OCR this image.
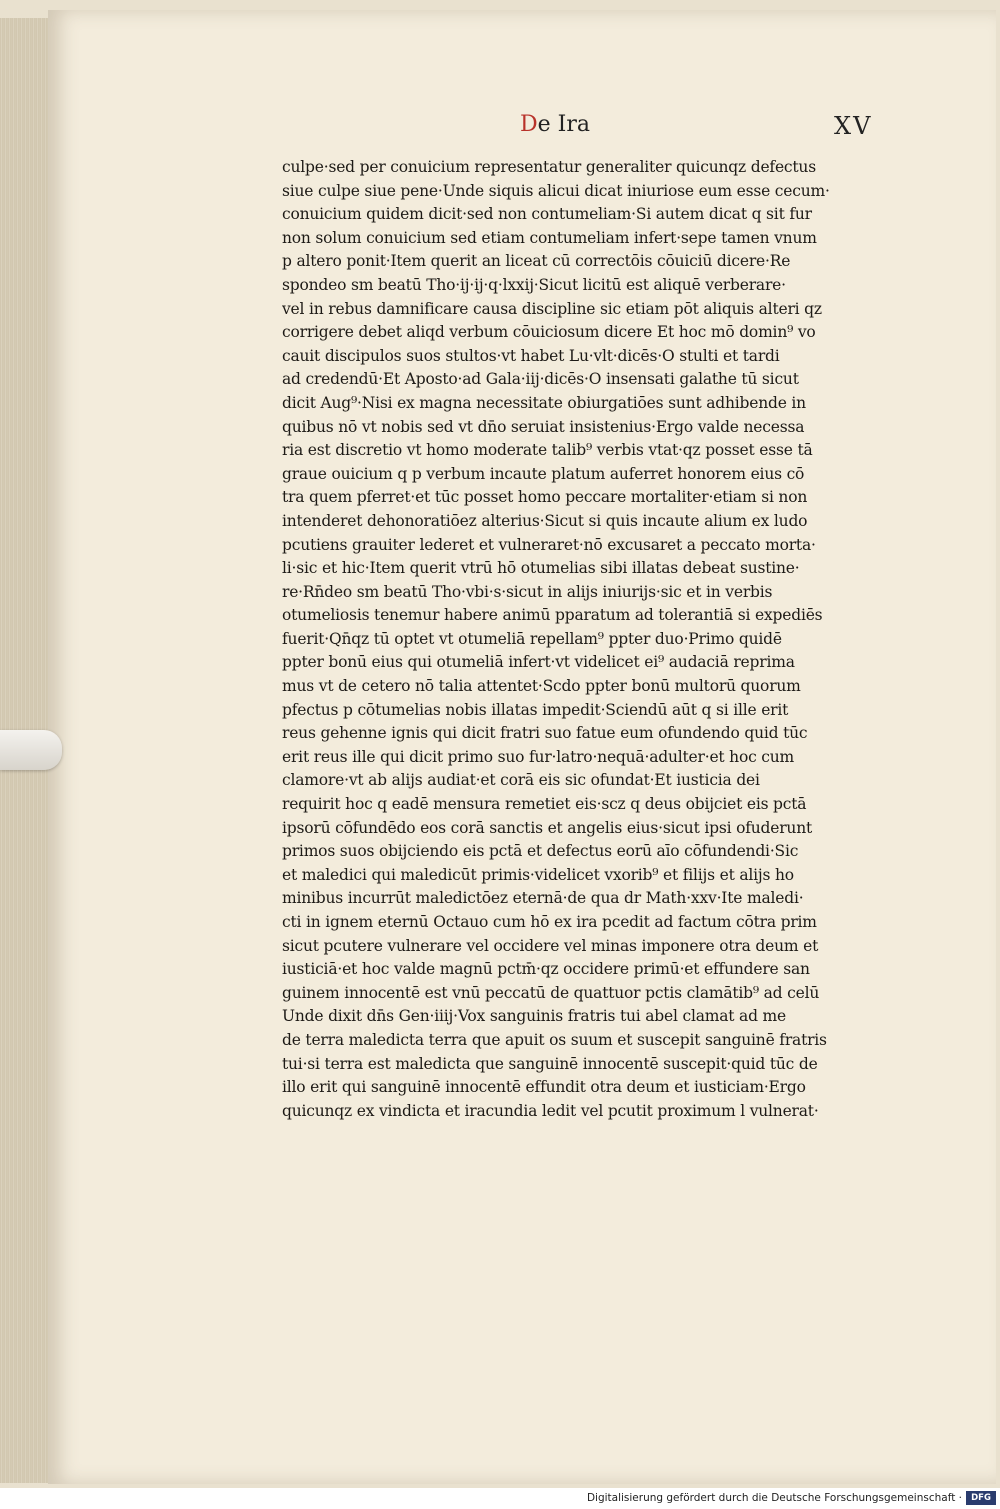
De Ira	XV
culpe·sed per conuicium representatur generaliter quicunqz defectus
siue culpe siue pene·Unde siquis alicui dicat iniuriose eum esse cecum·
conuicium quidem dicit·sed non contumeliam·Si autem dicat q sit fur
non solum conuicium sed etiam contumeliam infert·sepe tamen vnum
p altero ponit·Item querit an liceat cū correctōis cōuiciū dicere·Re
spondeo sm beatū Tho·ij·ij·q·lxxij·Sicut licitū est aliquē verberare·
vel in rebus damnificare causa discipline sic etiam pōt aliquis alteri qz
corrigere debet aliqd verbum cōuiciosum dicere Et hoc mō domin⁹ vo
cauit discipulos suos stultos·vt habet Lu·vlt·dicēs·O stulti et tardi
ad credendū·Et Aposto·ad Gala·iij·dicēs·O insensati galathe tū sicut
dicit Aug⁹·Nisi ex magna necessitate obiurgatiōes sunt adhibende in
quibus nō vt nobis sed vt dn̄o seruiat insistenius·Ergo valde necessa
ria est discretio vt homo moderate talib⁹ verbis vtat·qz posset esse tā
graue ouicium q p verbum incaute platum auferret honorem eius cō
tra quem pferret·et tūc posset homo peccare mortaliter·etiam si non
intenderet dehonoratiōez alterius·Sicut si quis incaute alium ex ludo
pcutiens grauiter lederet et vulneraret·nō excusaret a peccato morta·
li·sic et hic·Item querit vtrū hō otumelias sibi illatas debeat sustine·
re·Rn̄deo sm beatū Tho·vbi·s·sicut in alijs iniurijs·sic et in verbis
otumeliosis tenemur habere animū pparatum ad tolerantiā si expediēs
fuerit·Qn̄qz tū optet vt otumeliā repellam⁹ ppter duo·Primo quidē
ppter bonū eius qui otumeliā infert·vt videlicet ei⁹ audaciā reprima
mus vt de cetero nō talia attentet·Scdo ppter bonū multorū quorum
pfectus p cōtumelias nobis illatas impedit·Sciendū aūt q si ille erit
reus gehenne ignis qui dicit fratri suo fatue eum ofundendo quid tūc
erit reus ille qui dicit primo suo fur·latro·nequā·adulter·et hoc cum
clamore·vt ab alijs audiat·et corā eis sic ofundat·Et iusticia dei
requirit hoc q eadē mensura remetiet eis·scz q deus obijciet eis pctā
ipsorū cōfundēdo eos corā sanctis et angelis eius·sicut ipsi ofuderunt
primos suos obijciendo eis pctā et defectus eorū aīo cōfundendi·Sic
et maledici qui maledicūt primis·videlicet vxorib⁹ et filijs et alijs ho
minibus incurrūt maledictōez eternā·de qua dr Math·xxv·Ite maledi·
cti in ignem eternū Octauo cum hō ex ira pcedit ad factum cōtra prim
sicut pcutere vulnerare vel occidere vel minas imponere otra deum et
iusticiā·et hoc valde magnū pctm̄·qz occidere primū·et effundere san
guinem innocentē est vnū peccatū de quattuor pctis clamātib⁹ ad celū
Unde dixit dn̄s Gen·iiij·Vox sanguinis fratris tui abel clamat ad me
de terra maledicta terra que apuit os suum et suscepit sanguinē fratris
tui·si terra est maledicta que sanguinē innocentē suscepit·quid tūc de
illo erit qui sanguinē innocentē effundit otra deum et iusticiam·Ergo
quicunqz ex vindicta et iracundia ledit vel pcutit proximum l vulnerat·
Digitalisierung gefördert durch die Deutsche Forschungsgemeinschaft ·	DFG
